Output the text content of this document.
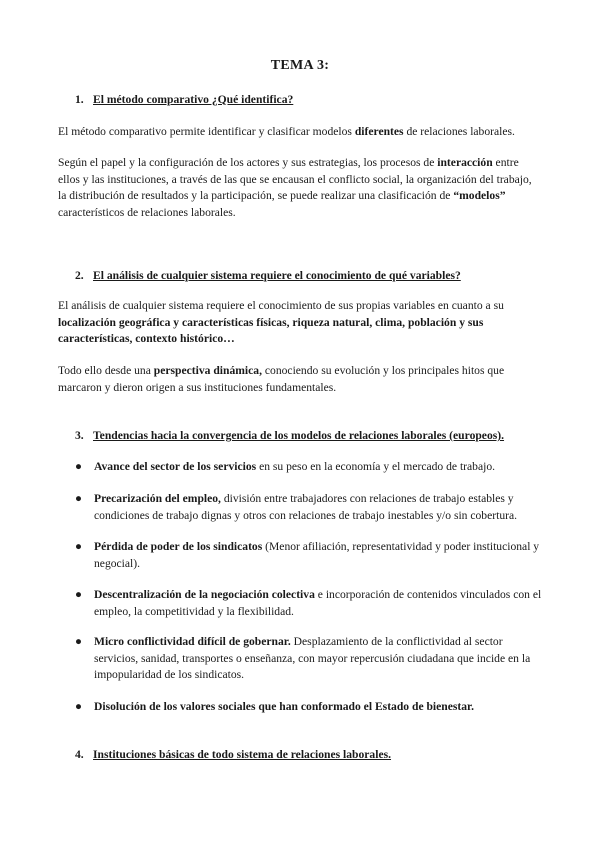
TEMA 3:
1. El método comparativo ¿Qué identifica?

El método comparativo permite identificar y clasificar modelos diferentes de relaciones laborales.

Según el papel y la configuración de los actores y sus estrategias, los procesos de interacción entre ellos y las instituciones, a través de las que se encausan el conflicto social, la organización del trabajo, la distribución de resultados y la participación, se puede realizar una clasificación de “modelos” característicos de relaciones laborales.

2. El análisis de cualquier sistema requiere el conocimiento de qué variables?

El análisis de cualquier sistema requiere el conocimiento de sus propias variables en cuanto a su localización geográfica y características físicas, riqueza natural, clima, población y sus características, contexto histórico…

Todo ello desde una perspectiva dinámica, conociendo su evolución y los principales hitos que marcaron y dieron origen a sus instituciones fundamentales.

3. Tendencias hacia la convergencia de los modelos de relaciones laborales (europeos).
●	Avance del sector de los servicios en su peso en la economía y el mercado de trabajo.
●	Precarización del empleo, división entre trabajadores con relaciones de trabajo estables y condiciones de trabajo dignas y otros con relaciones de trabajo inestables y/o sin cobertura.
●	Pérdida de poder de los sindicatos (Menor afiliación, representatividad y poder institucional y negocial).
●	Descentralización de la negociación colectiva e incorporación de contenidos vinculados con el empleo, la competitividad y la flexibilidad.
●	Micro conflictividad difícil de gobernar. Desplazamiento de la conflictividad al sector servicios, sanidad, transportes o enseñanza, con mayor repercusión ciudadana que incide en la impopularidad de los sindicatos.
●	Disolución de los valores sociales que han conformado el Estado de bienestar.
4. Instituciones básicas de todo sistema de relaciones laborales.
